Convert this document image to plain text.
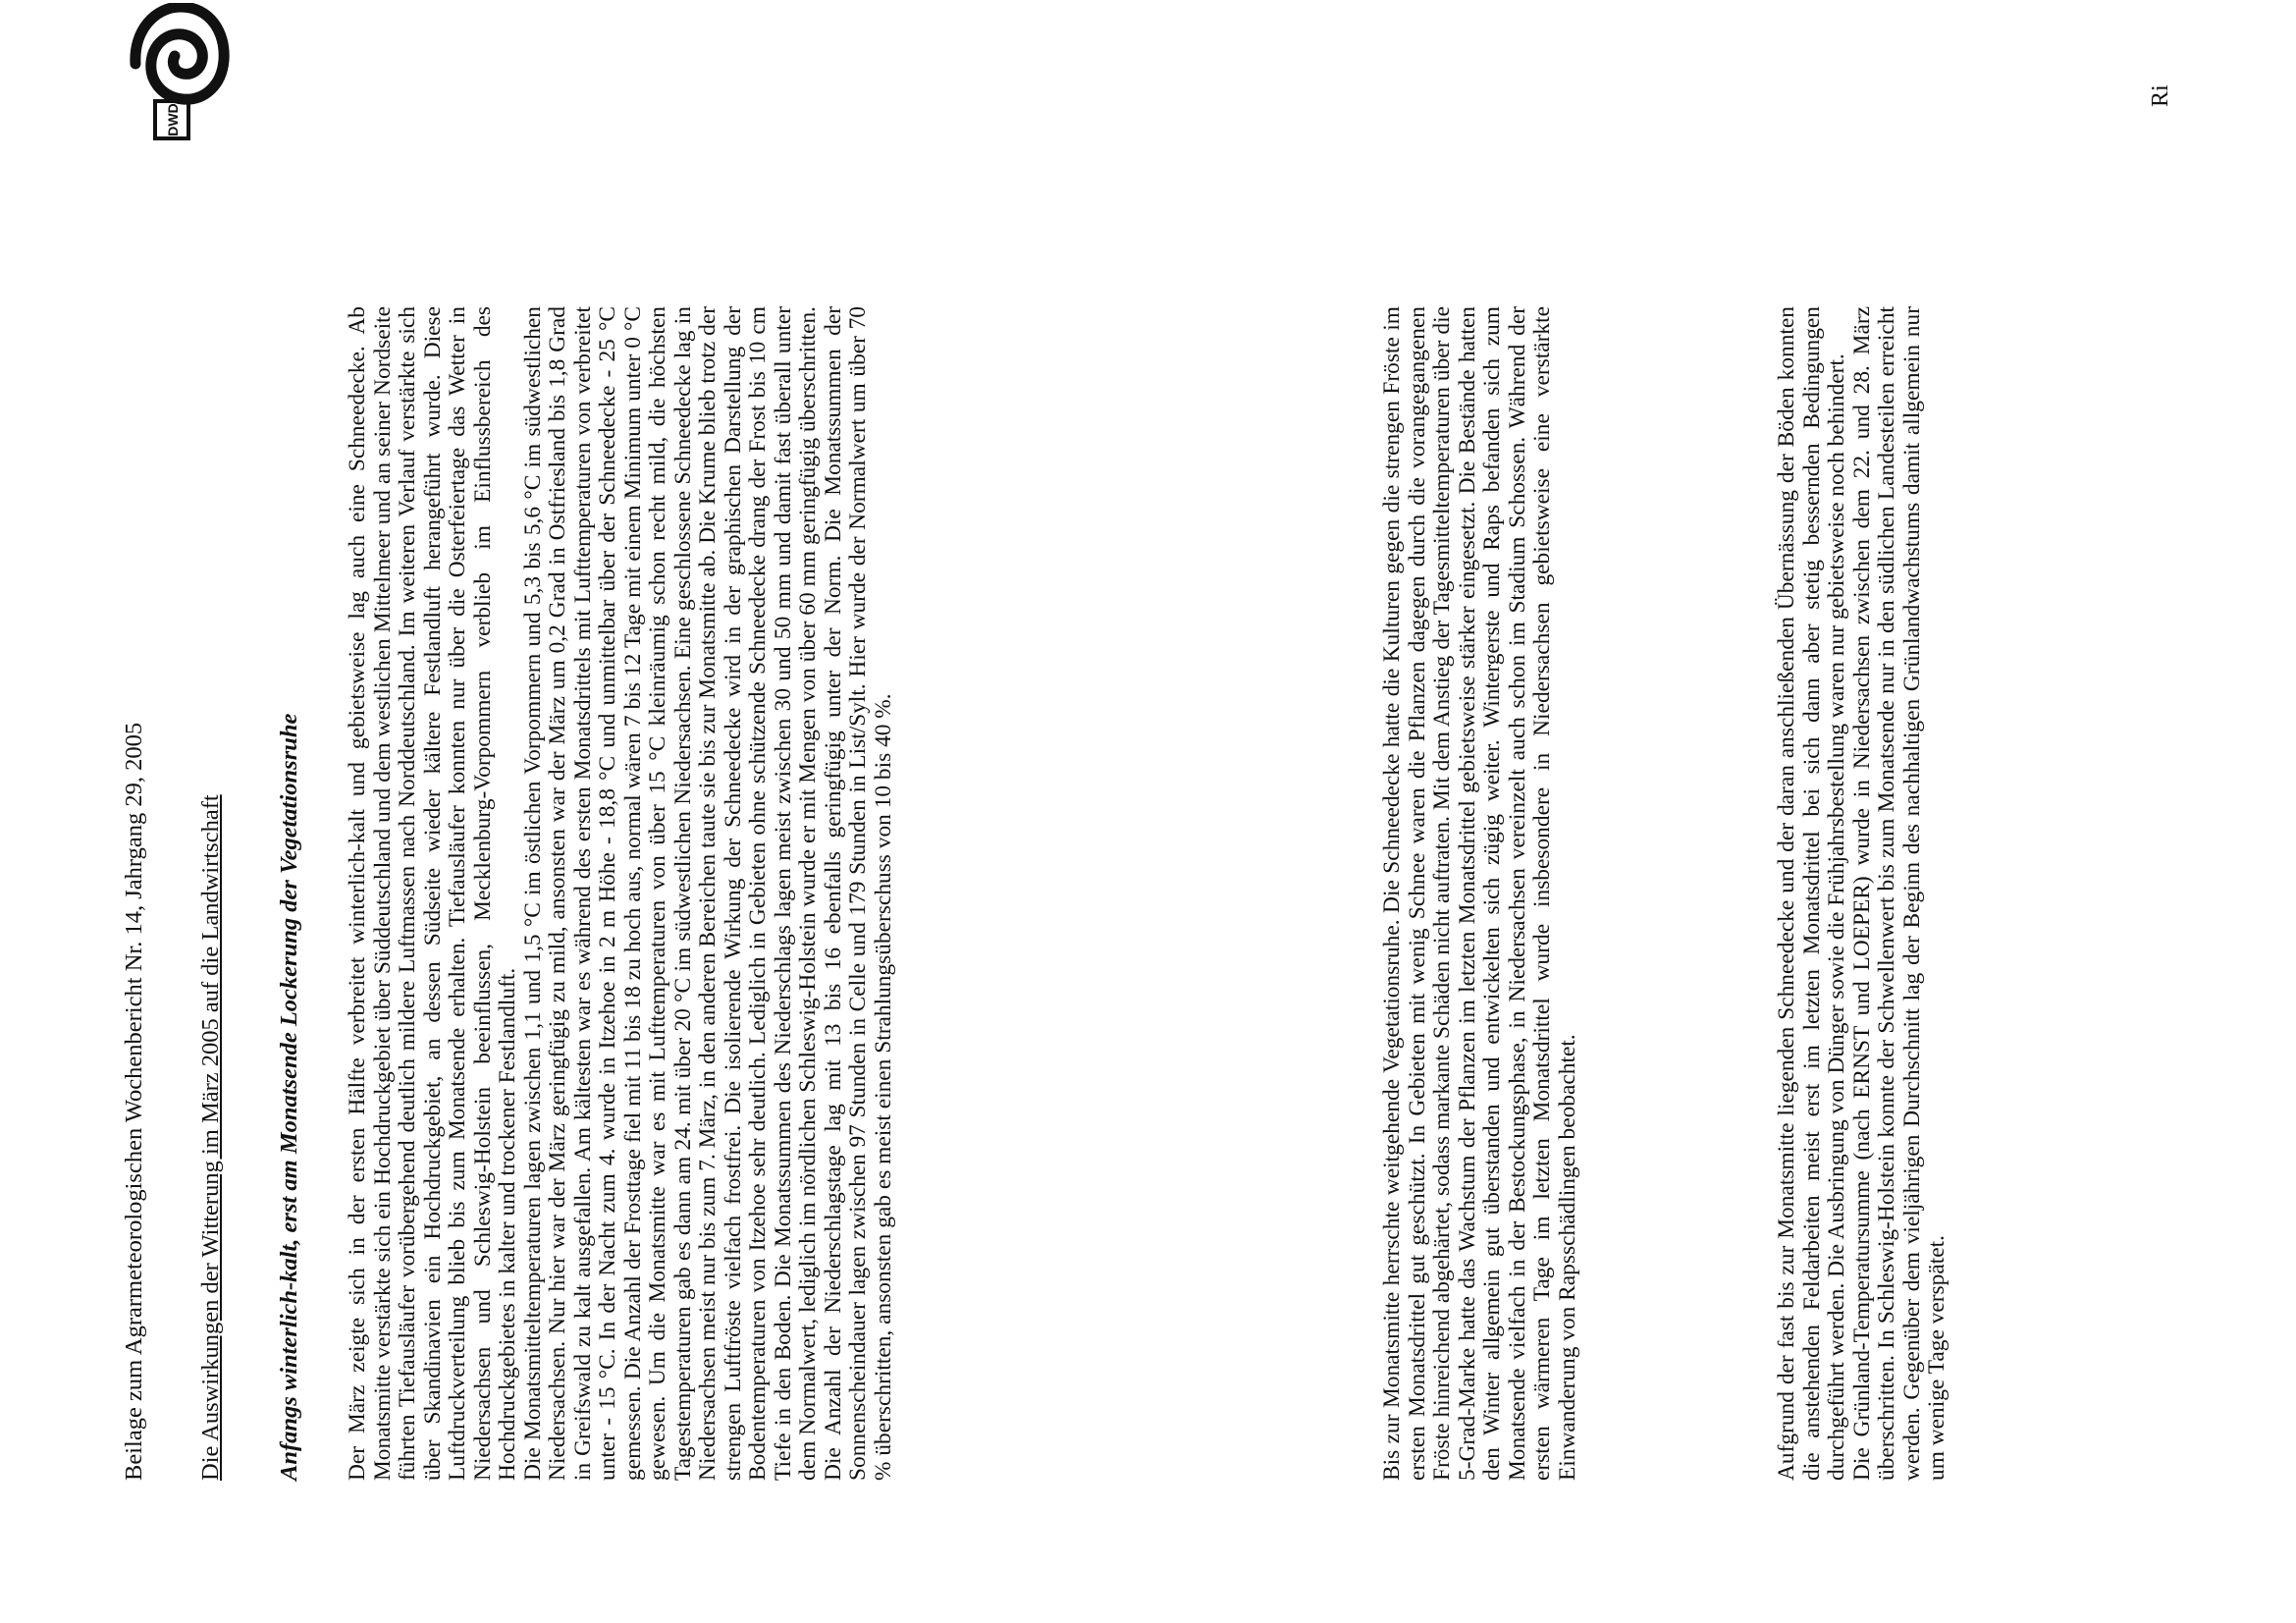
DWD
Beilage zum Agrarmeteorologischen Wochenbericht Nr. 14, Jahrgang 29, 2005 Die Auswirkungen der Witterung im März 2005 auf die Landwirtschaft Anfangs winterlich-kalt, erst am Monatsende Lockerung der Vegetationsruhe Der März zeigte sich in der ersten Hälfte verbreitet winterlich-kalt und gebietsweise lag auch eine Schneedecke. Ab Monatsmitte verstärkte sich ein Hochdruckgebiet über Süddeutschland und dem westlichen Mittelmeer und an seiner Nordseite führten Tiefausläufer vorübergehend deutlich mildere Luftmassen nach Norddeutschland. Im weiteren Verlauf verstärkte sich über Skandinavien ein Hochdruckgebiet, an dessen Südseite wieder kältere Festlandluft herangeführt wurde. Diese Luftdruckverteilung blieb bis zum Monatsende erhalten. Tiefausläufer konnten nur über die Osterfeiertage das Wetter in Niedersachsen und Schleswig-Holstein beeinflussen, Mecklenburg-Vorpommern verblieb im Einflussbereich des Hochdruckgebietes in kalter und trockener Festlandluft. Die Monatsmitteltemperaturen lagen zwischen 1,1 und 1,5 °C im östlichen Vorpommern und 5,3 bis 5,6 °C im südwestlichen Niedersachsen. Nur hier war der März geringfügig zu mild, ansonsten war der März um 0,2 Grad in Ostfriesland bis 1,8 Grad in Greifswald zu kalt ausgefallen. Am kältesten war es während des ersten Monatsdrittels mit Lufttemperaturen von verbreitet unter - 15 °C. In der Nacht zum 4. wurde in Itzehoe in 2 m Höhe - 18,8 °C und unmittelbar über der Schneedecke - 25 °C gemessen. Die Anzahl der Frosttage fiel mit 11 bis 18 zu hoch aus, normal wären 7 bis 12 Tage mit einem Minimum unter 0 °C gewesen. Um die Monatsmitte war es mit Lufttemperaturen von über 15 °C kleinräumig schon recht mild, die höchsten Tagestemperaturen gab es dann am 24. mit über 20 °C im südwestlichen Niedersachsen. Eine geschlossene Schneedecke lag in Niedersachsen meist nur bis zum 7. März, in den anderen Bereichen taute sie bis zur Monatsmitte ab. Die Krume blieb trotz der strengen Luftfröste vielfach frostfrei. Die isolierende Wirkung der Schneedecke wird in der graphischen Darstellung der Bodentemperaturen von Itzehoe sehr deutlich. Lediglich in Gebieten ohne schützende Schneedecke drang der Frost bis 10 cm Tiefe in den Boden. Die Monatssummen des Niederschlags lagen meist zwischen 30 und 50 mm und damit fast überall unter dem Normalwert, lediglich im nördlichen Schleswig-Holstein wurde er mit Mengen von über 60 mm geringfügig überschritten. Die Anzahl der Niederschlagstage lag mit 13 bis 16 ebenfalls geringfügig unter der Norm. Die Monatssummen der Sonnenscheindauer lagen zwischen 97 Stunden in Celle und 179 Stunden in List/Sylt. Hier wurde der Normalwert um über 70 % überschritten, ansonsten gab es meist einen Strahlungsüberschuss von 10 bis 40 %.	Bis zur Monatsmitte herrschte weitgehende Vegetationsruhe. Die Schneedecke hatte die Kulturen gegen die strengen Fröste im ersten Monatsdrittel gut geschützt. In Gebieten mit wenig Schnee waren die Pflanzen dagegen durch die vorangegangenen Fröste hinreichend abgehärtet, sodass markante Schäden nicht auftraten. Mit dem Anstieg der Tagesmitteltemperaturen über die 5-Grad-Marke hatte das Wachstum der Pflanzen im letzten Monatsdrittel gebietsweise stärker eingesetzt. Die Bestände hatten den Winter allgemein gut überstanden und entwickelten sich zügig weiter. Wintergerste und Raps befanden sich zum Monatsende vielfach in der Bestockungsphase, in Niedersachsen vereinzelt auch schon im Stadium Schossen. Während der ersten wärmeren Tage im letzten Monatsdrittel wurde insbesondere in Niedersachsen gebietsweise eine verstärkte Einwanderung von Rapsschädlingen beobachtet.	Aufgrund der fast bis zur Monatsmitte liegenden Schneedecke und der daran anschließenden Übernässung der Böden konnten die anstehenden Feldarbeiten meist erst im letzten Monatsdrittel bei sich dann aber stetig bessernden Bedingungen durchgeführt werden. Die Ausbringung von Dünger sowie die Frühjahrsbestellung waren nur gebietsweise noch behindert. Die Grünland-Temperatursumme (nach ERNST und LOEPER) wurde in Niedersachsen zwischen dem 22. und 28. März überschritten. In Schleswig-Holstein konnte der Schwellenwert bis zum Monatsende nur in den südlichen Landesteilen erreicht werden. Gegenüber dem vieljährigen Durchschnitt lag der Beginn des nachhaltigen Grünlandwachstums damit allgemein nur um wenige Tage verspätet.

Ri
